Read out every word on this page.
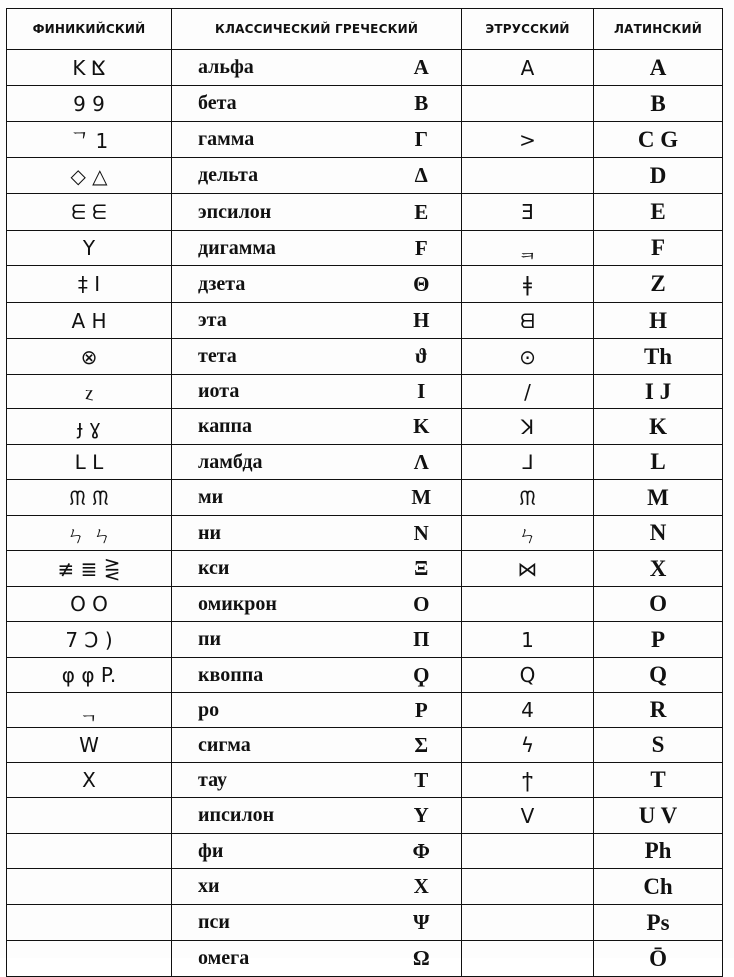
ФИНИКИЙСКИЙ	КЛАССИЧЕСКИЙ ГРЕЧЕСКИЙ		ЭТРУССКИЙ	ЛАТИНСКИЙ
K ⴿ	альфа	A	A	A
9 9	бета	B		B
ᄀ 1	гамма	Γ	>	C G
◇ △	дельта	Δ		D
ᗴ ᗴ	эпсилон	E	Ǝ	E
Y	дигамма	F	ᆿ	F
‡ I	дзета	Θ	ǂ	Z
A H	эта	H	ᗺ	H
⊗	тета	ϑ	⊙	Th
ⲍ	иота	I	/	I J
ɟ ɣ	каппа	K	ꓘ	K
ᒪ ᒪ	ламбда	Λ	ᒧ	L
ᙏ ᙏ	ми	M	ᙏ	M
ㄣ ㄣ	ни	N	ㄣ	N
≢ ≣ ⋛	кси	Ξ	⋈	X
O O	омикрон	O		O
7 Ͻ )	пи	Π	1	P
φ φ P.	квоппа	Ϙ	Q	Q
ᆨ	ро	P	4	R
W	сигма	Σ	ϟ	S
X	тау	T	ϯ	T
	ипсилон	Y	V	U V
	фи	Φ		Ph
	хи	X		Ch
	пси	Ψ		Ps
	омега	Ω		Ō
